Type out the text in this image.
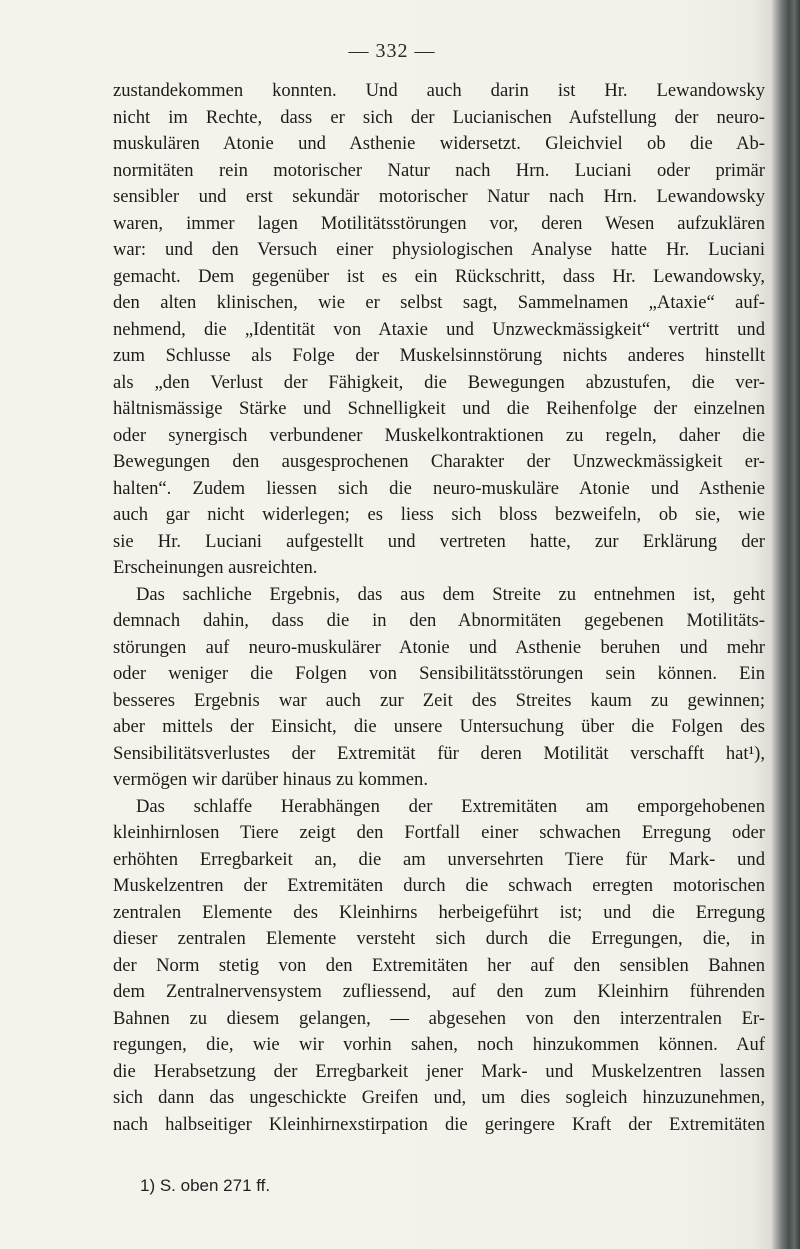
— 332 —
zustandekommen konnten. Und auch darin ist Hr. Lewandowsky
nicht im Rechte, dass er sich der Lucianischen Aufstellung der neuro-
muskulären Atonie und Asthenie widersetzt. Gleichviel ob die Ab-
normitäten rein motorischer Natur nach Hrn. Luciani oder primär
sensibler und erst sekundär motorischer Natur nach Hrn. Lewandowsky
waren, immer lagen Motilitätsstörungen vor, deren Wesen aufzuklären
war: und den Versuch einer physiologischen Analyse hatte Hr. Luciani
gemacht. Dem gegenüber ist es ein Rückschritt, dass Hr. Lewandowsky,
den alten klinischen, wie er selbst sagt, Sammelnamen „Ataxie“ auf-
nehmend, die „Identität von Ataxie und Unzweckmässigkeit“ vertritt und
zum Schlusse als Folge der Muskelsinnstörung nichts anderes hinstellt
als „den Verlust der Fähigkeit, die Bewegungen abzustufen, die ver-
hältnismässige Stärke und Schnelligkeit und die Reihenfolge der einzelnen
oder synergisch verbundener Muskelkontraktionen zu regeln, daher die
Bewegungen den ausgesprochenen Charakter der Unzweckmässigkeit er-
halten“. Zudem liessen sich die neuro-muskuläre Atonie und Asthenie
auch gar nicht widerlegen; es liess sich bloss bezweifeln, ob sie, wie
sie Hr. Luciani aufgestellt und vertreten hatte, zur Erklärung der
Erscheinungen ausreichten.
Das sachliche Ergebnis, das aus dem Streite zu entnehmen ist, geht
demnach dahin, dass die in den Abnormitäten gegebenen Motilitäts-
störungen auf neuro-muskulärer Atonie und Asthenie beruhen und mehr
oder weniger die Folgen von Sensibilitätsstörungen sein können. Ein
besseres Ergebnis war auch zur Zeit des Streites kaum zu gewinnen;
aber mittels der Einsicht, die unsere Untersuchung über die Folgen des
Sensibilitätsverlustes der Extremität für deren Motilität verschafft hat¹),
vermögen wir darüber hinaus zu kommen.
Das schlaffe Herabhängen der Extremitäten am emporgehobenen
kleinhirnlosen Tiere zeigt den Fortfall einer schwachen Erregung oder
erhöhten Erregbarkeit an, die am unversehrten Tiere für Mark- und
Muskelzentren der Extremitäten durch die schwach erregten motorischen
zentralen Elemente des Kleinhirns herbeigeführt ist; und die Erregung
dieser zentralen Elemente versteht sich durch die Erregungen, die, in
der Norm stetig von den Extremitäten her auf den sensiblen Bahnen
dem Zentralnervensystem zufliessend, auf den zum Kleinhirn führenden
Bahnen zu diesem gelangen, — abgesehen von den interzentralen Er-
regungen, die, wie wir vorhin sahen, noch hinzukommen können. Auf
die Herabsetzung der Erregbarkeit jener Mark- und Muskelzentren lassen
sich dann das ungeschickte Greifen und, um dies sogleich hinzuzunehmen,
nach halbseitiger Kleinhirnexstirpation die geringere Kraft der Extremitäten
1) S. oben 271 ff.
